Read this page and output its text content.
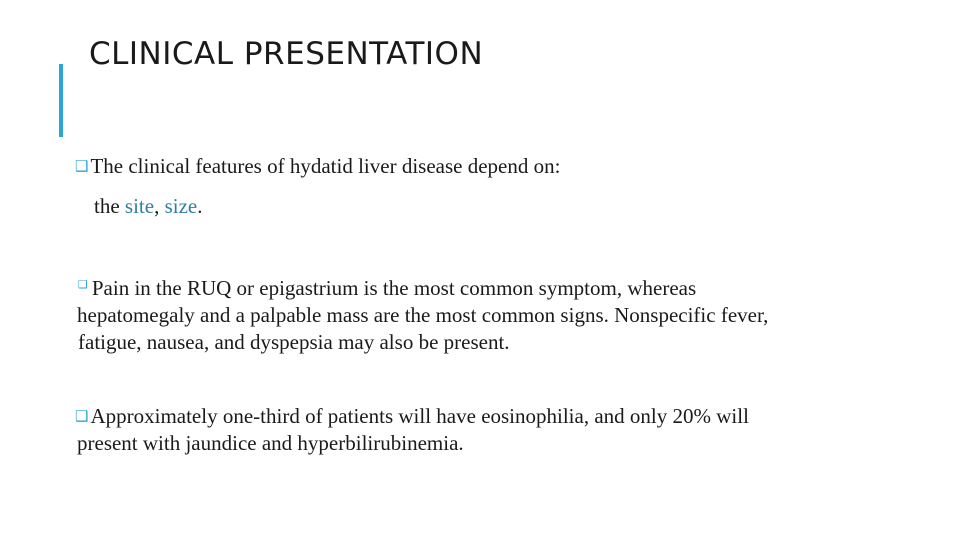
CLINICAL PRESENTATION
❑The clinical features of hydatid liver disease depend on:
the site, size.
❑ Pain in the RUQ or epigastrium is the most common symptom, whereas
hepatomegaly and a palpable mass are the most common signs. Nonspecific fever,
fatigue, nausea, and dyspepsia may also be present.
❑Approximately one-third of patients will have eosinophilia, and only 20% will
present with jaundice and hyperbilirubinemia.
